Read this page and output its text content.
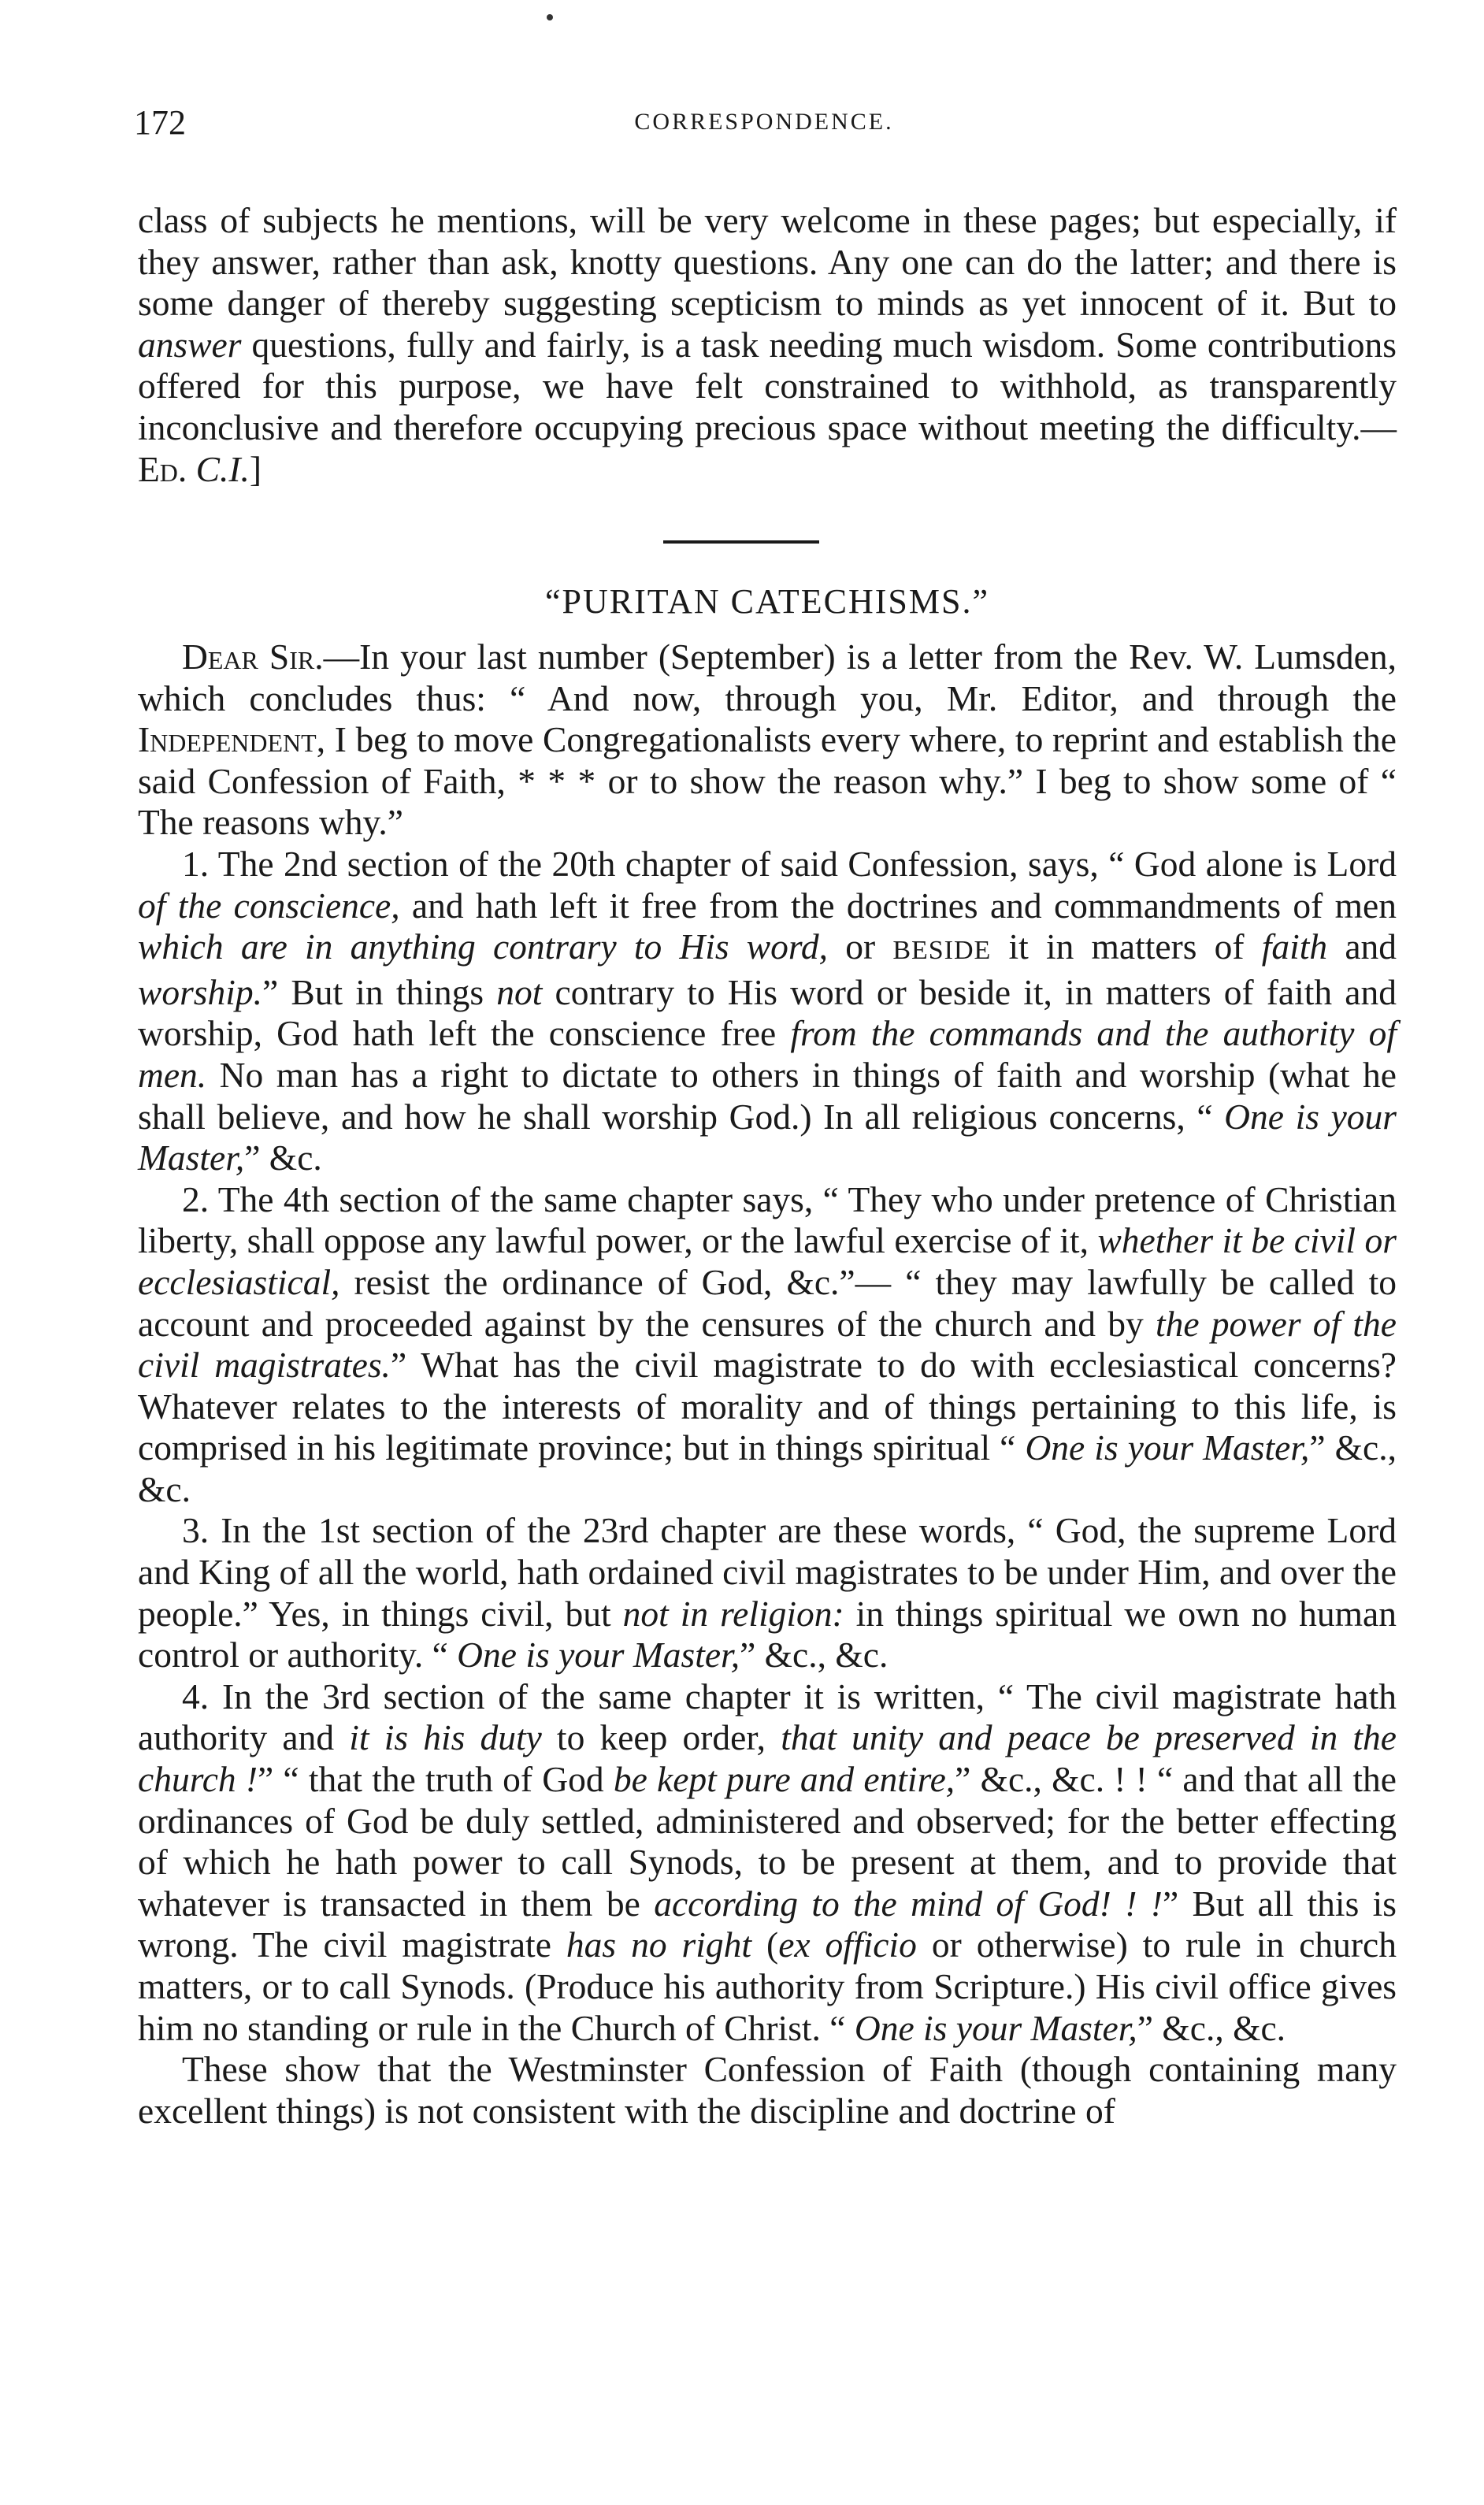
172	CORRESPONDENCE.

class of subjects he mentions, will be very welcome in these pages; but especially, if they answer, rather than ask, knotty questions. Any one can do the latter; and there is some danger of thereby suggesting scepticism to minds as yet innocent of it. But to answer questions, fully and fairly, is a task needing much wisdom. Some contributions offered for this purpose, we have felt constrained to withhold, as transparently inconclusive and therefore occupying precious space without meeting the difficulty.—Ed. C.I.]

“PURITAN CATECHISMS.”

Dear Sir.—In your last number (September) is a letter from the Rev. W. Lumsden, which concludes thus: “ And now, through you, Mr. Editor, and through the Independent, I beg to move Congregationalists every where, to reprint and establish the said Confession of Faith, * * * or to show the reason why.” I beg to show some of “ The reasons why.”

1. The 2nd section of the 20th chapter of said Confession, says, “ God alone is Lord of the conscience, and hath left it free from the doctrines and commandments of men which are in anything contrary to His word, or BESIDE it in matters of faith and worship.” But in things not contrary to His word or beside it, in matters of faith and worship, God hath left the conscience free from the commands and the authority of men. No man has a right to dictate to others in things of faith and worship (what he shall believe, and how he shall worship God.) In all religious concerns, “ One is your Master,” &c.

2. The 4th section of the same chapter says, “ They who under pretence of Christian liberty, shall oppose any lawful power, or the lawful exercise of it, whether it be civil or ecclesiastical, resist the ordinance of God, &c.”— “ they may lawfully be called to account and proceeded against by the censures of the church and by the power of the civil magistrates.” What has the civil magistrate to do with ecclesiastical concerns? Whatever relates to the interests of morality and of things pertaining to this life, is comprised in his legitimate province; but in things spiritual “ One is your Master,” &c., &c.

3. In the 1st section of the 23rd chapter are these words, “ God, the supreme Lord and King of all the world, hath ordained civil magistrates to be under Him, and over the people.” Yes, in things civil, but not in religion: in things spiritual we own no human control or authority. “ One is your Master,” &c., &c.

4. In the 3rd section of the same chapter it is written, “ The civil magistrate hath authority and it is his duty to keep order, that unity and peace be preserved in the church !” “ that the truth of God be kept pure and entire,” &c., &c. ! ! “ and that all the ordinances of God be duly settled, administered and observed; for the better effecting of which he hath power to call Synods, to be present at them, and to provide that whatever is transacted in them be according to the mind of God! ! !” But all this is wrong. The civil magistrate has no right (ex officio or otherwise) to rule in church matters, or to call Synods. (Produce his authority from Scripture.) His civil office gives him no standing or rule in the Church of Christ. “ One is your Master,” &c., &c.

These show that the Westminster Confession of Faith (though containing many excellent things) is not consistent with the discipline and doctrine of
